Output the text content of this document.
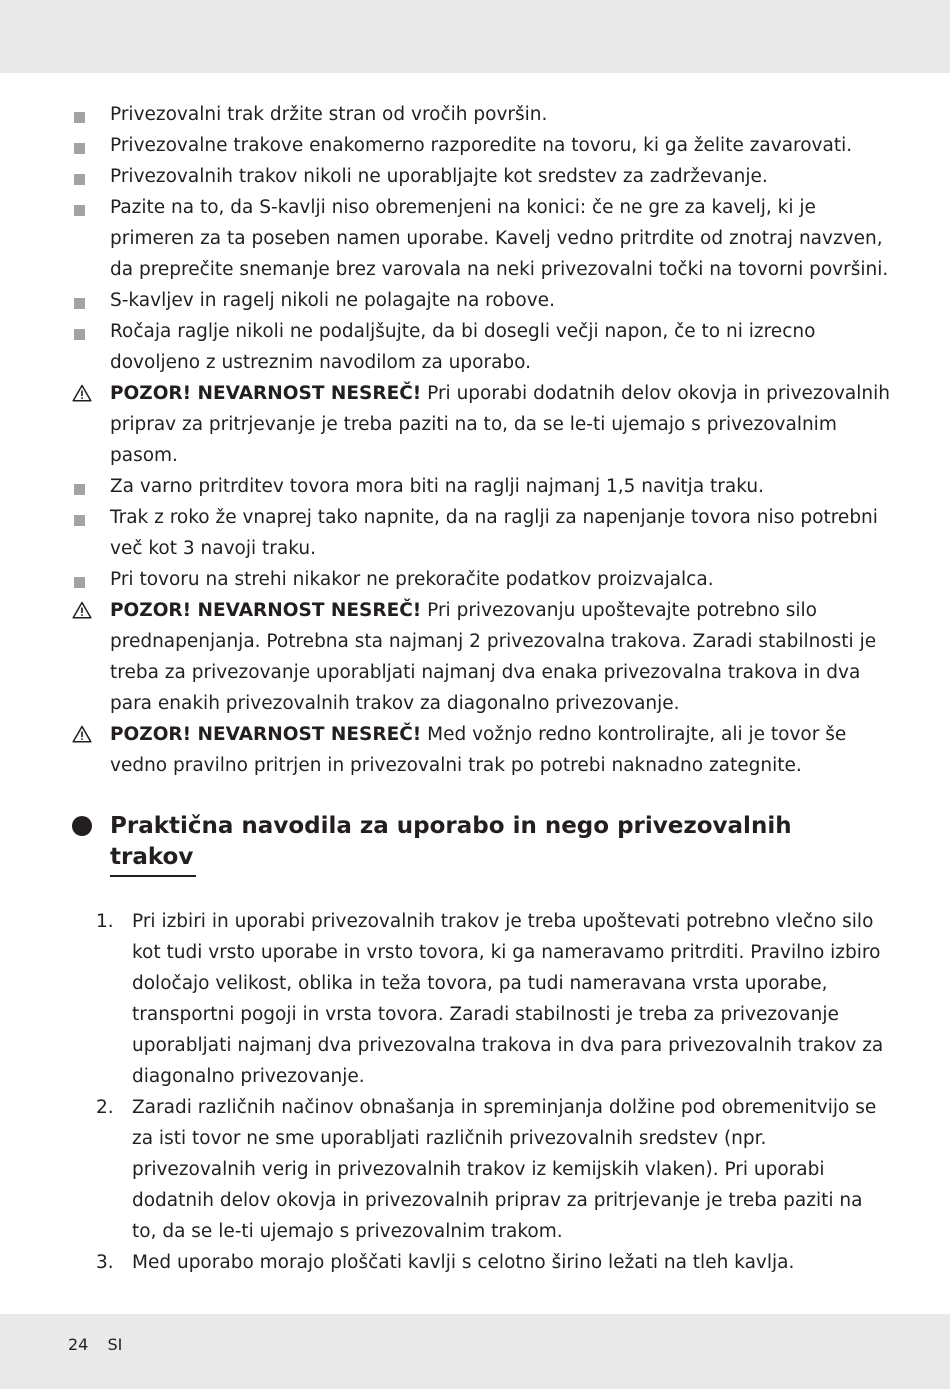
Privezovalni trak držite stran od vročih površin.
Privezovalne trakove enakomerno razporedite na tovoru, ki ga želite zavarovati.
Privezovalnih trakov nikoli ne uporabljajte kot sredstev za zadrževanje.
Pazite na to, da S-kavlji niso obremenjeni na konici: če ne gre za kavelj, ki je primeren za ta poseben namen uporabe. Kavelj vedno pritrdite od znotraj navzven, da preprečite snemanje brez varovala na neki privezovalni točki na tovorni površini.
S-kavljev in ragelj nikoli ne polagajte na robove.
Ročaja raglje nikoli ne podaljšujte, da bi dosegli večji napon, če to ni izrecno dovoljeno z ustreznim navodilom za uporabo.
POZOR! NEVARNOST NESREČ! Pri uporabi dodatnih delov okovja in privezovalnih priprav za pritrjevanje je treba paziti na to, da se le-ti ujemajo s privezovalnim pasom.
Za varno pritrditev tovora mora biti na raglji najmanj 1,5 navitja traku.
Trak z roko že vnaprej tako napnite, da na raglji za napenjanje tovora niso potrebni več kot 3 navoji traku.
Pri tovoru na strehi nikakor ne prekoračite podatkov proizvajalca.
POZOR! NEVARNOST NESREČ! Pri privezovanju upoštevajte potrebno silo prednapenjanja. Potrebna sta najmanj 2 privezovalna trakova. Zaradi stabilnosti je treba za privezovanje uporabljati najmanj dva enaka privezovalna trakova in dva para enakih privezovalnih trakov za diagonalno privezovanje.
POZOR! NEVARNOST NESREČ! Med vožnjo redno kontrolirajte, ali je tovor še vedno pravilno pritrjen in privezovalni trak po potrebi naknadno zategnite.
Praktična navodila za uporabo in nego privezovalnih
trakov
1. Pri izbiri in uporabi privezovalnih trakov je treba upoštevati potrebno vlečno silo kot tudi vrsto uporabe in vrsto tovora, ki ga nameravamo pritrditi. Pravilno izbiro določajo velikost, oblika in teža tovora, pa tudi nameravana vrsta uporabe, transportni pogoji in vrsta tovora. Zaradi stabilnosti je treba za privezovanje uporabljati najmanj dva privezovalna trakova in dva para privezovalnih trakov za diagonalno privezovanje.
2. Zaradi različnih načinov obnašanja in spreminjanja dolžine pod obremenitvijo se za isti tovor ne sme uporabljati različnih privezovalnih sredstev (npr. privezovalnih verig in privezovalnih trakov iz kemijskih vlaken). Pri uporabi dodatnih delov okovja in privezovalnih priprav za pritrjevanje je treba paziti na to, da se le-ti ujemajo s privezovalnim trakom.
3. Med uporabo morajo ploščati kavlji s celotno širino ležati na tleh kavlja.
24 SI
